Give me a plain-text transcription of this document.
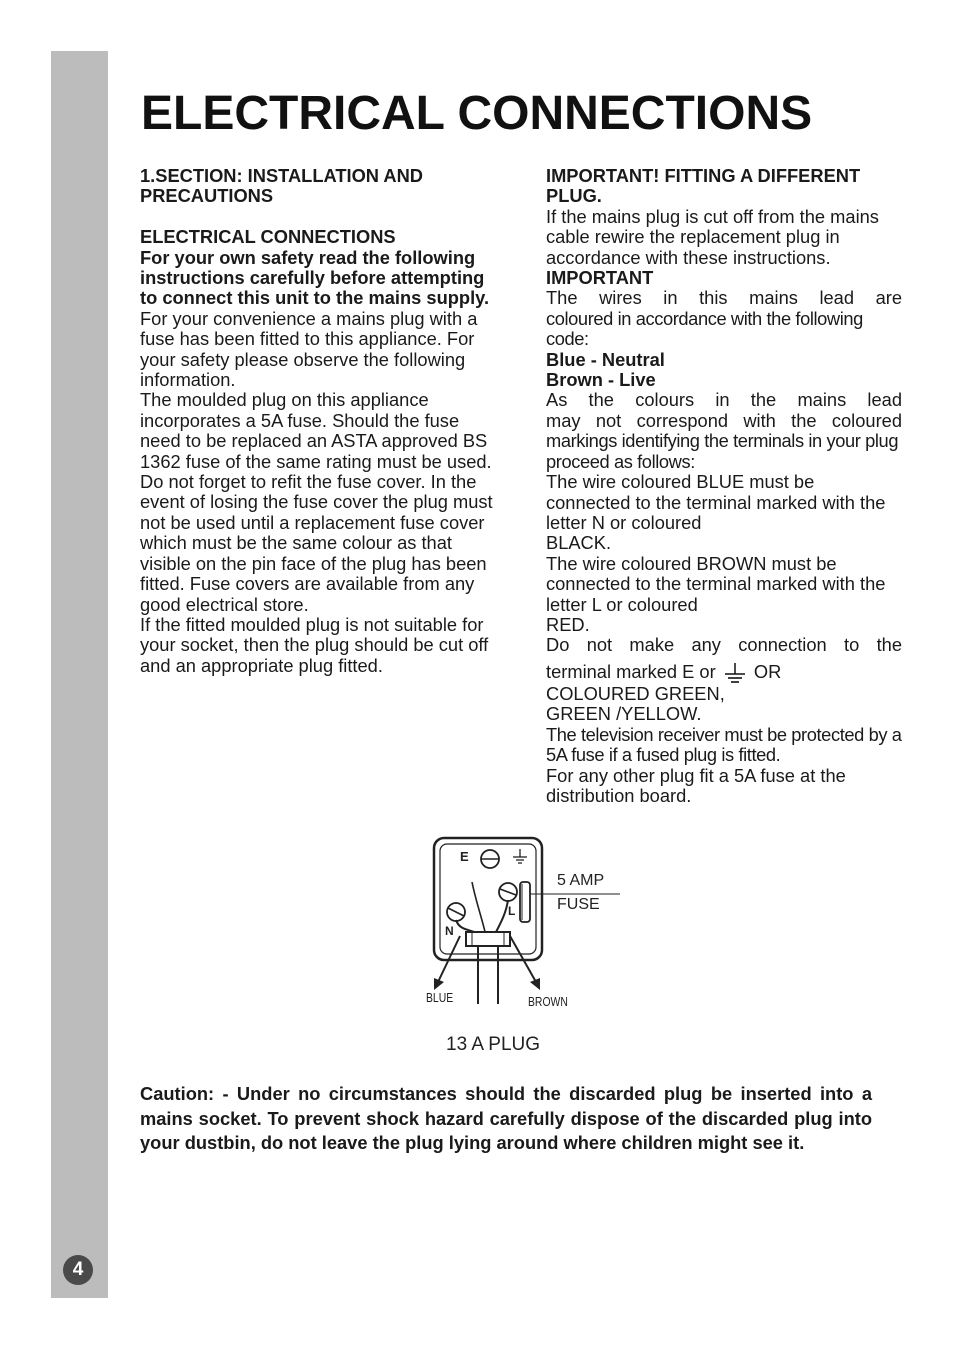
4
ELECTRICAL CONNECTIONS

1.SECTION: INSTALLATION AND

PRECAUTIONS

ELECTRICAL CONNECTIONS

For your own safety read the following instructions carefully before attempting to connect this unit to the mains supply.

For your convenience a mains plug with a fuse has been fitted to this appliance. For your safety please observe the following information.

The moulded plug on this appliance incorporates a 5A fuse. Should the fuse need to be replaced an ASTA approved BS 1362 fuse of the same rating must be used. Do not forget to refit the fuse cover. In the event of losing the fuse cover the plug must not be used until a replacement fuse cover which must be the same colour as that visible on the pin face of the plug has been fitted. Fuse covers are available from any good electrical store.

If the fitted moulded plug is not suitable for your socket, then the plug should be cut off and an appropriate plug fitted.

IMPORTANT! FITTING A DIFFERENT PLUG.

If the mains plug is cut off from the mains cable rewire the replacement plug in accordance with these instructions.

IMPORTANT

The wires in this mains lead are

coloured in accordance with the following code:

Blue - Neutral

Brown - Live

As the colours in the mains lead

may not correspond with the coloured

markings identifying the terminals in your plug proceed as follows:

The wire coloured BLUE must be connected to the terminal marked with the letter N or coloured

BLACK.

The wire coloured BROWN must be connected to the terminal marked with the letter L or coloured

RED.

Do not make any connection to the

terminal marked E or OR

COLOURED GREEN,

GREEN /YELLOW.

The television receiver must be protected by a 5A fuse if a fused plug is fitted.

For any other plug fit a 5A fuse at the distribution board.

E
N
L
5 AMP
FUSE
BLUE	BROWN
13 A PLUG

Caution: - Under no circumstances should the discarded plug be inserted into a mains socket. To prevent shock hazard carefully dispose of the discarded plug into your dustbin, do not leave the plug lying around where children might see it.
